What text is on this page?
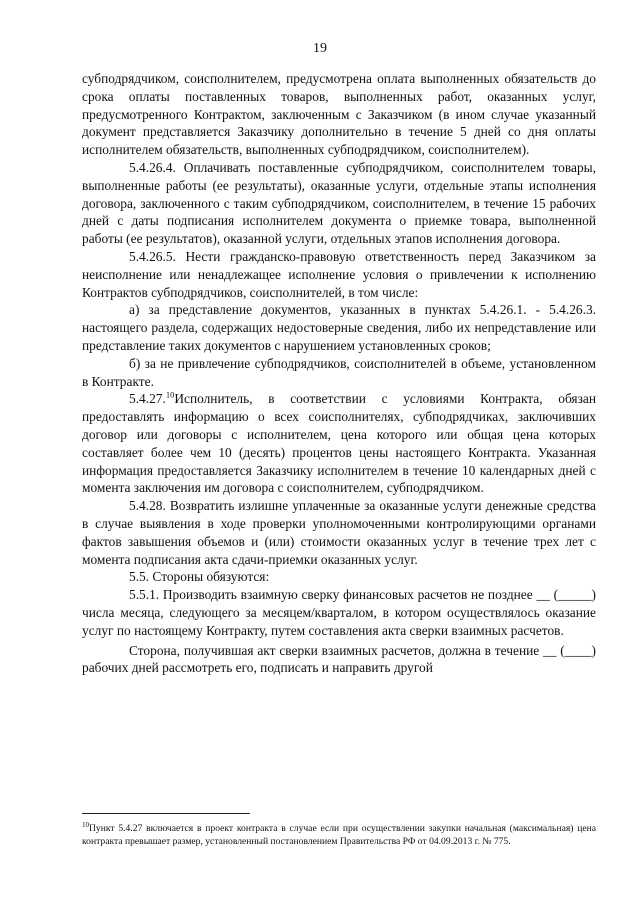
19

субподрядчиком, соисполнителем, предусмотрена оплата выполненных обязательств до срока оплаты поставленных товаров, выполненных работ, оказанных услуг, предусмотренного Контрактом, заключенным с Заказчиком (в ином случае указанный документ представляется Заказчику дополнительно в течение 5 дней со дня оплаты исполнителем обязательств, выполненных субподрядчиком, соисполнителем).

5.4.26.4. Оплачивать поставленные субподрядчиком, соисполнителем товары, выполненные работы (ее результаты), оказанные услуги, отдельные этапы исполнения договора, заключенного с таким субподрядчиком, соисполнителем, в течение 15 рабочих дней с даты подписания исполнителем документа о приемке товара, выполненной работы (ее результатов), оказанной услуги, отдельных этапов исполнения договора.

5.4.26.5. Нести гражданско-правовую ответственность перед Заказчиком за неисполнение или ненадлежащее исполнение условия о привлечении к исполнению Контрактов субподрядчиков, соисполнителей, в том числе:

а) за представление документов, указанных в пунктах 5.4.26.1. - 5.4.26.3. настоящего раздела, содержащих недостоверные сведения, либо их непредставление или представление таких документов с нарушением установленных сроков;

б) за не привлечение субподрядчиков, соисполнителей в объеме, установленном в Контракте.

5.4.27.10Исполнитель, в соответствии с условиями Контракта, обязан предоставлять информацию о всех соисполнителях, субподрядчиках, заключивших договор или договоры с исполнителем, цена которого или общая цена которых составляет более чем 10 (десять) процентов цены настоящего Контракта. Указанная информация предоставляется Заказчику исполнителем в течение 10 календарных дней с момента заключения им договора с соисполнителем, субподрядчиком.

5.4.28. Возвратить излишне уплаченные за оказанные услуги денежные средства в случае выявления в ходе проверки уполномоченными контролирующими органами фактов завышения объемов и (или) стоимости оказанных услуг в течение трех лет с момента подписания акта сдачи-приемки оказанных услуг.

5.5. Стороны обязуются:

5.5.1. Производить взаимную сверку финансовых расчетов не позднее __ (_____) числа месяца, следующего за месяцем/кварталом, в котором осуществлялось оказание услуг по настоящему Контракту, путем составления акта сверки взаимных расчетов.

Сторона, получившая акт сверки взаимных расчетов, должна в течение __ (____) рабочих дней рассмотреть его, подписать и направить другой

$^{10}$Пункт 5.4.27 включается в проект контракта в случае если при осуществлении закупки начальная (максимальная) цена контракта превышает размер, установленный постановлением Правительства РФ от 04.09.2013 г. № 775.
